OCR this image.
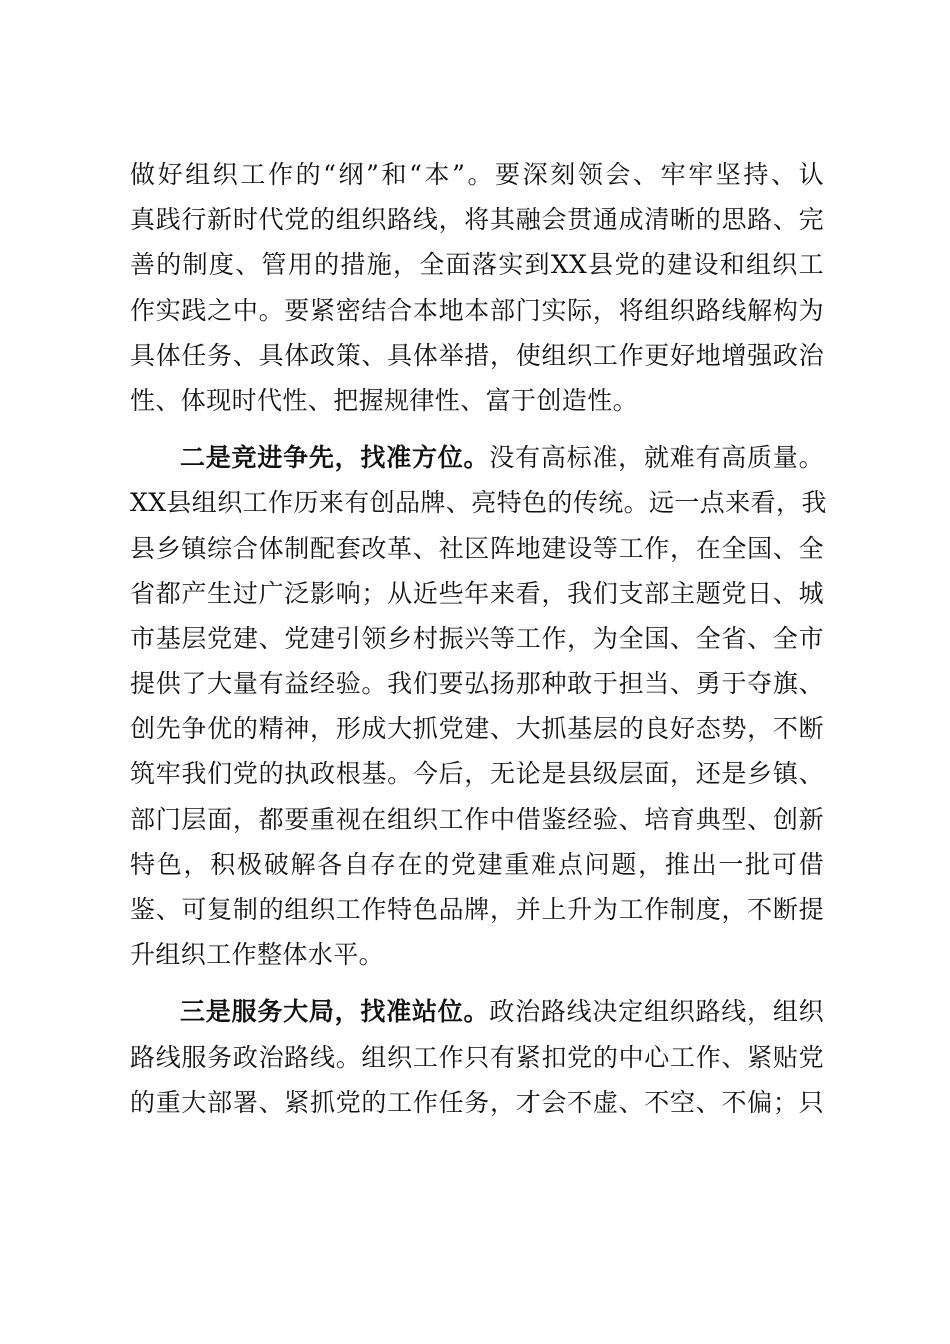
做好组织工作的“纲”和“本”。要深刻领会、牢牢坚持、认
真践行新时代党的组织路线，将其融会贯通成清晰的思路、完
善的制度、管用的措施，全面落实到XX县党的建设和组织工
作实践之中。要紧密结合本地本部门实际，将组织路线解构为
具体任务、具体政策、具体举措，使组织工作更好地增强政治
性、体现时代性、把握规律性、富于创造性。
二是竞进争先，找准方位。没有高标准，就难有高质量。
XX县组织工作历来有创品牌、亮特色的传统。远一点来看，我
县乡镇综合体制配套改革、社区阵地建设等工作，在全国、全
省都产生过广泛影响；从近些年来看，我们支部主题党日、城
市基层党建、党建引领乡村振兴等工作，为全国、全省、全市
提供了大量有益经验。我们要弘扬那种敢于担当、勇于夺旗、
创先争优的精神，形成大抓党建、大抓基层的良好态势，不断
筑牢我们党的执政根基。今后，无论是县级层面，还是乡镇、
部门层面，都要重视在组织工作中借鉴经验、培育典型、创新
特色，积极破解各自存在的党建重难点问题，推出一批可借
鉴、可复制的组织工作特色品牌，并上升为工作制度，不断提
升组织工作整体水平。
三是服务大局，找准站位。政治路线决定组织路线，组织
路线服务政治路线。组织工作只有紧扣党的中心工作、紧贴党
的重大部署、紧抓党的工作任务，才会不虚、不空、不偏；只
